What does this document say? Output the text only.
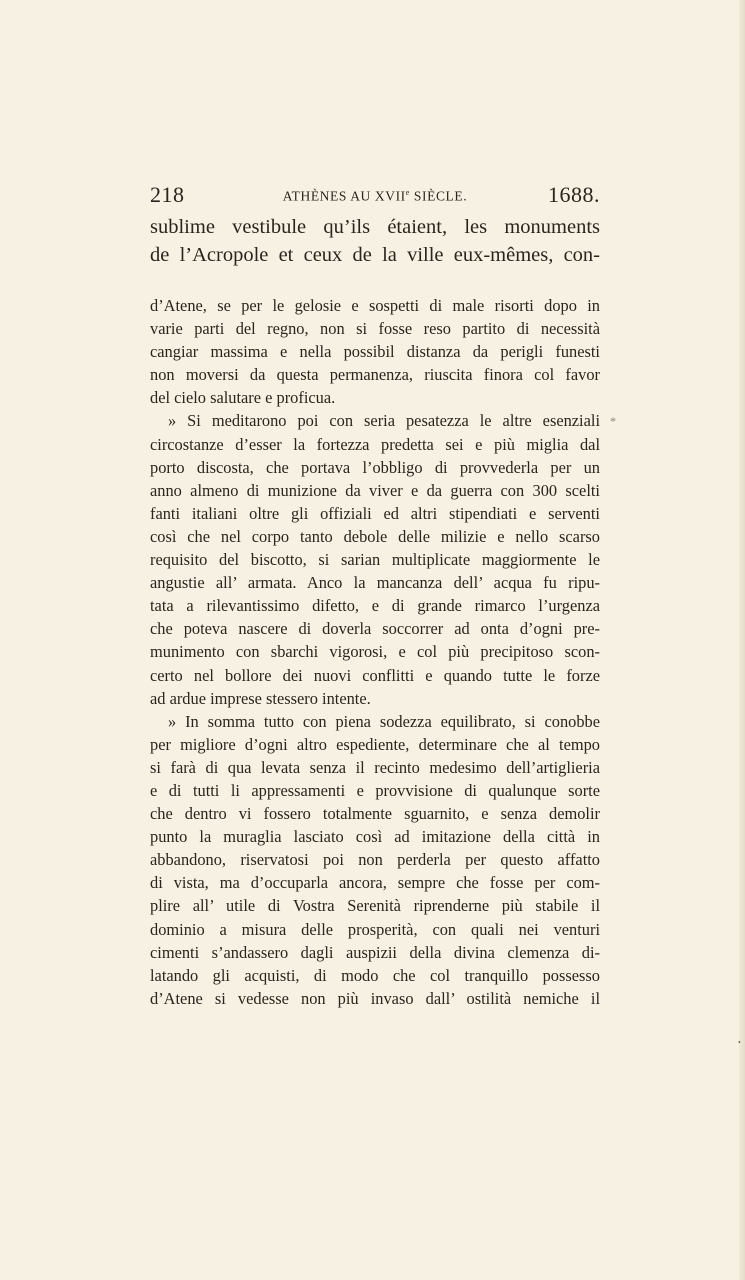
218	ATHÈNES AU XVIIe SIÈCLE.	1688.
sublime vestibule qu’ils étaient, les monuments
de l’Acropole et ceux de la ville eux-mêmes, con-
d’Atene, se per le gelosie e sospetti di male risorti dopo in
varie parti del regno, non si fosse reso partito di necessità
cangiar massima e nella possibil distanza da perigli funesti
non moversi da questa permanenza, riuscita finora col favor
del cielo salutare e proficua.
» Si meditarono poi con seria pesatezza le altre esenziali
circostanze d’esser la fortezza predetta sei e più miglia dal
porto discosta, che portava l’obbligo di provvederla per un
anno almeno di munizione da viver e da guerra con 300 scelti
fanti italiani oltre gli offiziali ed altri stipendiati e serventi
così che nel corpo tanto debole delle milizie e nello scarso
requisito del biscotto, si sarian multiplicate maggiormente le
angustie all’ armata. Anco la mancanza dell’ acqua fu ripu-
tata a rilevantissimo difetto, e di grande rimarco l’urgenza
che poteva nascere di doverla soccorrer ad onta d’ogni pre-
munimento con sbarchi vigorosi, e col più precipitoso scon-
certo nel bollore dei nuovi conflitti e quando tutte le forze
ad ardue imprese stessero intente.
» In somma tutto con piena sodezza equilibrato, si conobbe
per migliore d’ogni altro espediente, determinare che al tempo
si farà di qua levata senza il recinto medesimo dell’artiglieria
e di tutti li appressamenti e provvisione di qualunque sorte
che dentro vi fossero totalmente sguarnito, e senza demolir
punto la muraglia lasciato così ad imitazione della città in
abbandono, riservatosi poi non perderla per questo affatto
di vista, ma d’occuparla ancora, sempre che fosse per com-
plire all’ utile di Vostra Serenità riprenderne più stabile il
dominio a misura delle prosperità, con quali nei venturi
cimenti s’andassero dagli auspizii della divina clemenza di-
latando gli acquisti, di modo che col tranquillo possesso
d’Atene si vedesse non più invaso dall’ ostilità nemiche il
*
•
